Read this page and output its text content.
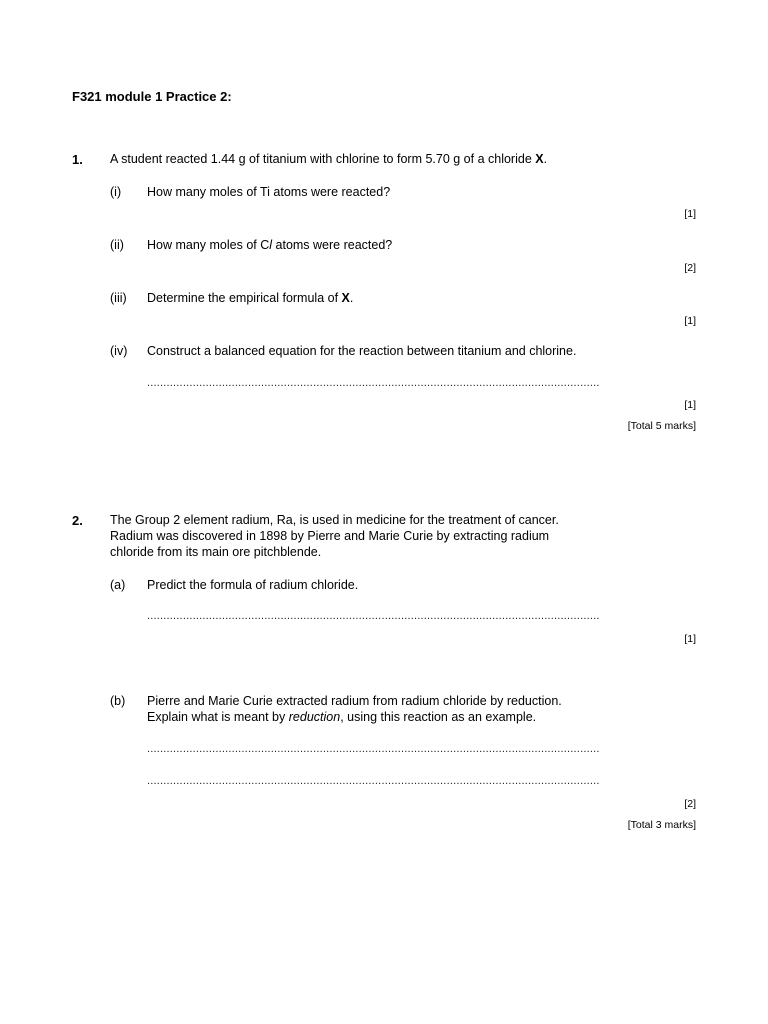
F321 module 1 Practice 2:
1. A student reacted 1.44 g of titanium with chlorine to form 5.70 g of a chloride X.
(i) How many moles of Ti atoms were reacted?
[1]
(ii) How many moles of Cl atoms were reacted?
[2]
(iii) Determine the empirical formula of X.
[1]
(iv) Construct a balanced equation for the reaction between titanium and chlorine.
...........................................................................................................................................
[1]
[Total 5 marks]
2. The Group 2 element radium, Ra, is used in medicine for the treatment of cancer.
Radium was discovered in 1898 by Pierre and Marie Curie by extracting radium
chloride from its main ore pitchblende.
(a) Predict the formula of radium chloride.
...........................................................................................................................................
[1]
(b) Pierre and Marie Curie extracted radium from radium chloride by reduction.
Explain what is meant by reduction, using this reaction as an example.
...........................................................................................................................................
...........................................................................................................................................
[2]
[Total 3 marks]
